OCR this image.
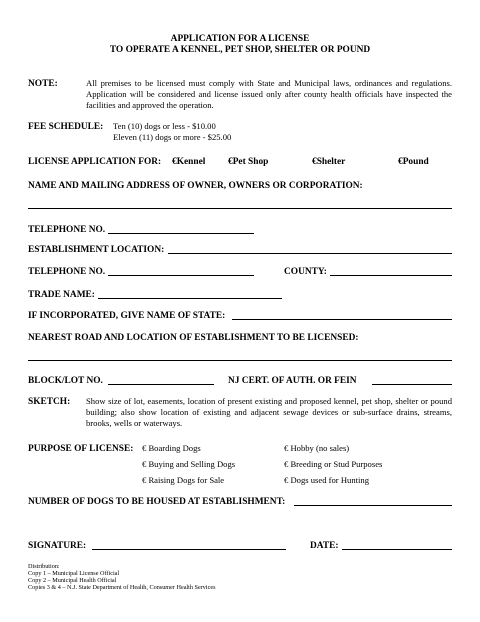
APPLICATION FOR A LICENSE
TO OPERATE A KENNEL, PET SHOP, SHELTER OR POUND
NOTE:	All premises to be licensed must comply with State and Municipal laws, ordinances and regulations. Application will be considered and license issued only after county health officials have inspected the facilities and approved the operation.
FEE SCHEDULE: Ten (10) dogs or less - $10.00
Eleven (11) dogs or more - $25.00
LICENSE APPLICATION FOR: €Kennel €Pet Shop	€Shelter	€Pound
NAME AND MAILING ADDRESS OF OWNER, OWNERS OR CORPORATION:
TELEPHONE NO.
ESTABLISHMENT LOCATION:
TELEPHONE NO.	COUNTY:
TRADE NAME:
IF INCORPORATED, GIVE NAME OF STATE:
NEAREST ROAD AND LOCATION OF ESTABLISHMENT TO BE LICENSED:
BLOCK/LOT NO.	NJ CERT. OF AUTH. OR FEIN
SKETCH: Show size of lot, easements, location of present existing and proposed kennel, pet shop, shelter or pound building; also show location of existing and adjacent sewage devices or sub-surface drains, streams, brooks, wells or waterways.
PURPOSE OF LICENSE: € Boarding Dogs	€ Hobby (no sales)
€ Buying and Selling Dogs	€ Breeding or Stud Purposes
€ Raising Dogs for Sale	€ Dogs used for Hunting
NUMBER OF DOGS TO BE HOUSED AT ESTABLISHMENT:
SIGNATURE:	DATE:
Distribution:
Copy 1 – Municipal License Official
Copy 2 – Municipal Health Official
Copies 3 & 4 – N.J. State Department of Health, Consumer Health Services
